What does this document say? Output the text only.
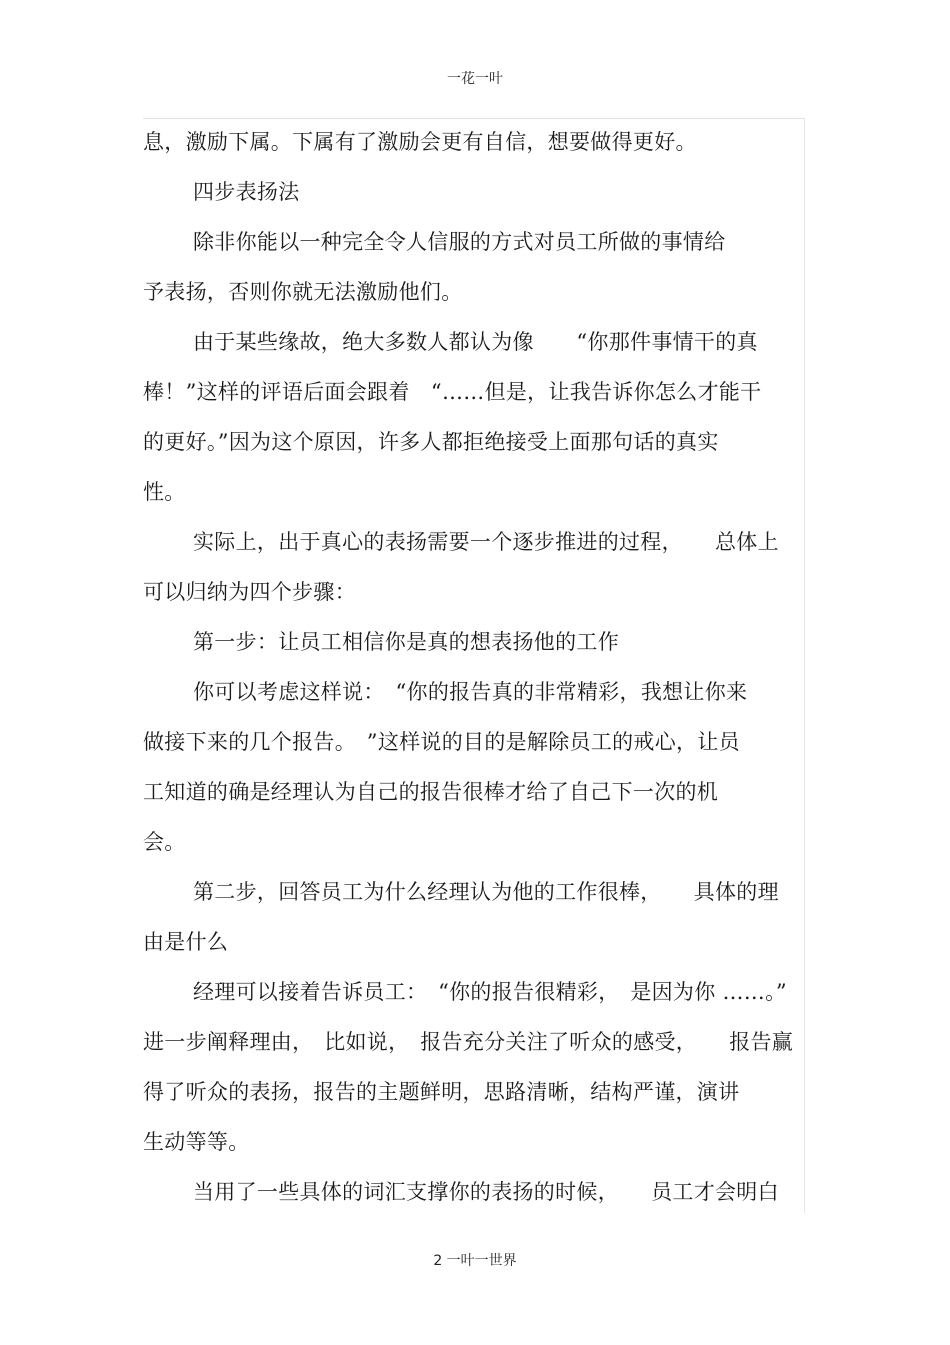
一花一叶
息，激励下属。下属有了激励会更有自信，想要做得更好。
四步表扬法
除非你能以一种完全令人信服的方式对员工所做的事情给
予表扬，否则你就无法激励他们。
由于某些缘故，绝大多数人都认为像　　“你那件事情干的真
棒！”这样的评语后面会跟着　“……但是，让我告诉你怎么才能干
的更好。”因为这个原因，许多人都拒绝接受上面那句话的真实
性。
实际上，出于真心的表扬需要一个逐步推进的过程，　　总体上
可以归纳为四个步骤：
第一步：让员工相信你是真的想表扬他的工作
你可以考虑这样说：　“你的报告真的非常精彩，我想让你来
做接下来的几个报告。　”这样说的目的是解除员工的戒心，让员
工知道的确是经理认为自己的报告很棒才给了自己下一次的机
会。
第二步，回答员工为什么经理认为他的工作很棒，　　具体的理
由是什么
经理可以接着告诉员工：　“你的报告很精彩，　是因为你 ……。”
进一步阐释理由，　比如说，　报告充分关注了听众的感受，　　报告赢
得了听众的表扬，报告的主题鲜明，思路清晰，结构严谨，演讲
生动等等。
当用了一些具体的词汇支撑你的表扬的时候，　　员工才会明白
2 一叶一世界
